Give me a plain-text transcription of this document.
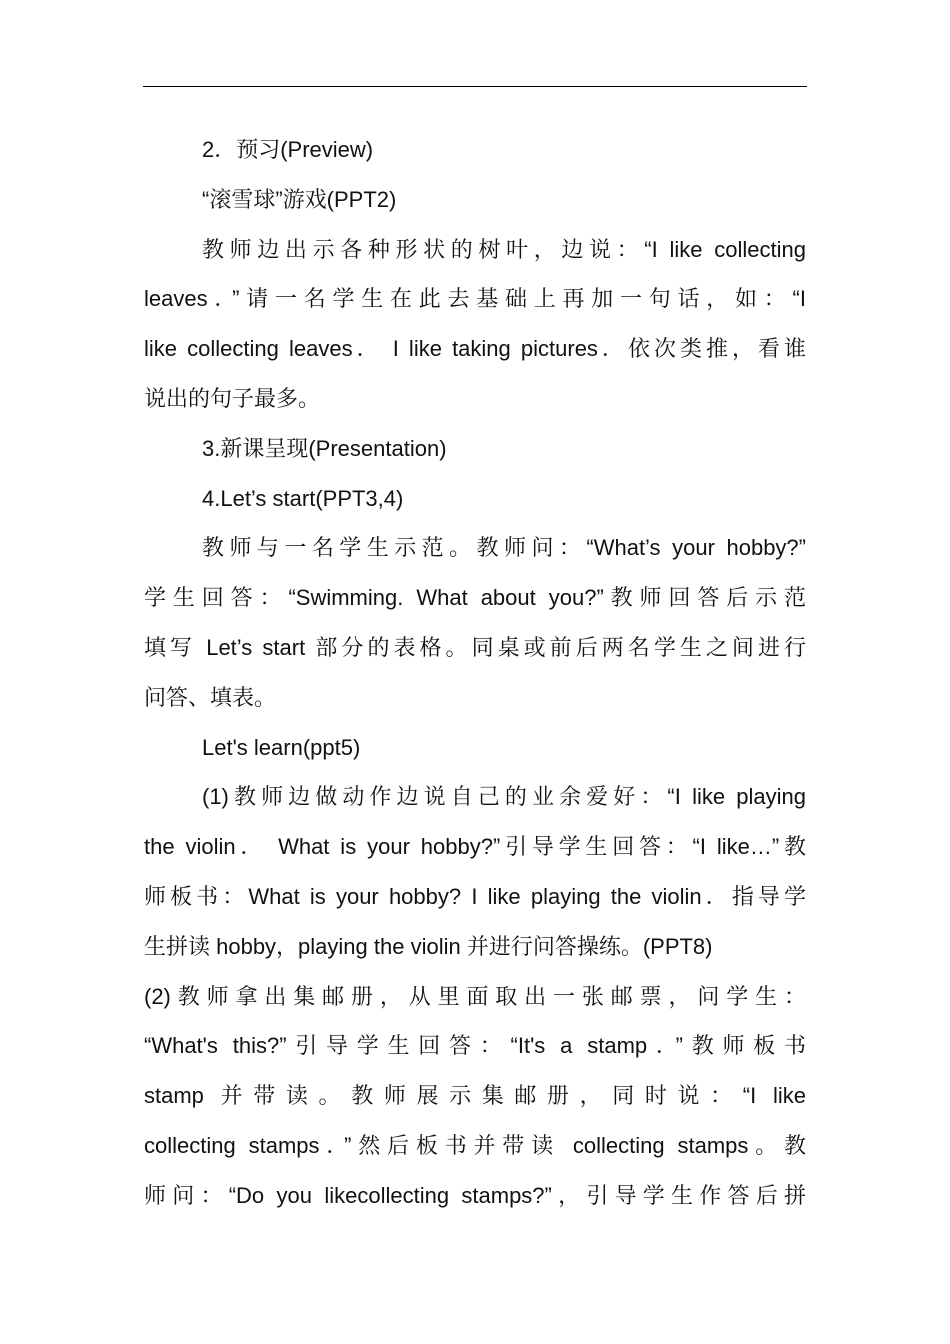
2．预习(Preview)
“滚雪球”游戏(PPT2)
教师边出示各种形状的树叶，边说：“I like collecting
leaves．”请一名学生在此去基础上再加一句话，如：“I
like collecting leaves． I like taking pictures．依次类推，看谁
说出的句子最多。
3.新课呈现(Presentation)
4.Let’s start(PPT3,4)
教师与一名学生示范。教师问：“What’s your hobby?”
学生回答：“Swimming. What about you?”教师回答后示范
填写 Let’s start 部分的表格。同桌或前后两名学生之间进行
问答、填表。
Let's learn(ppt5)
(1)教师边做动作边说自己的业余爱好：“I like playing
the violin． What is your hobby?”引导学生回答：“I like…”教
师板书：What is your hobby? I like playing the violin．指导学
生拼读 hobby，playing the violin 并进行问答操练。(PPT8)
(2)教师拿出集邮册，从里面取出一张邮票，问学生：
“What's this?”引导学生回答：“It's a stamp．”教师板书
stamp 并带读。教师展示集邮册，同时说：“I like
collecting stamps．”然后板书并带读 collecting stamps。教
师问：“Do you likecollecting stamps?”，引导学生作答后拼
